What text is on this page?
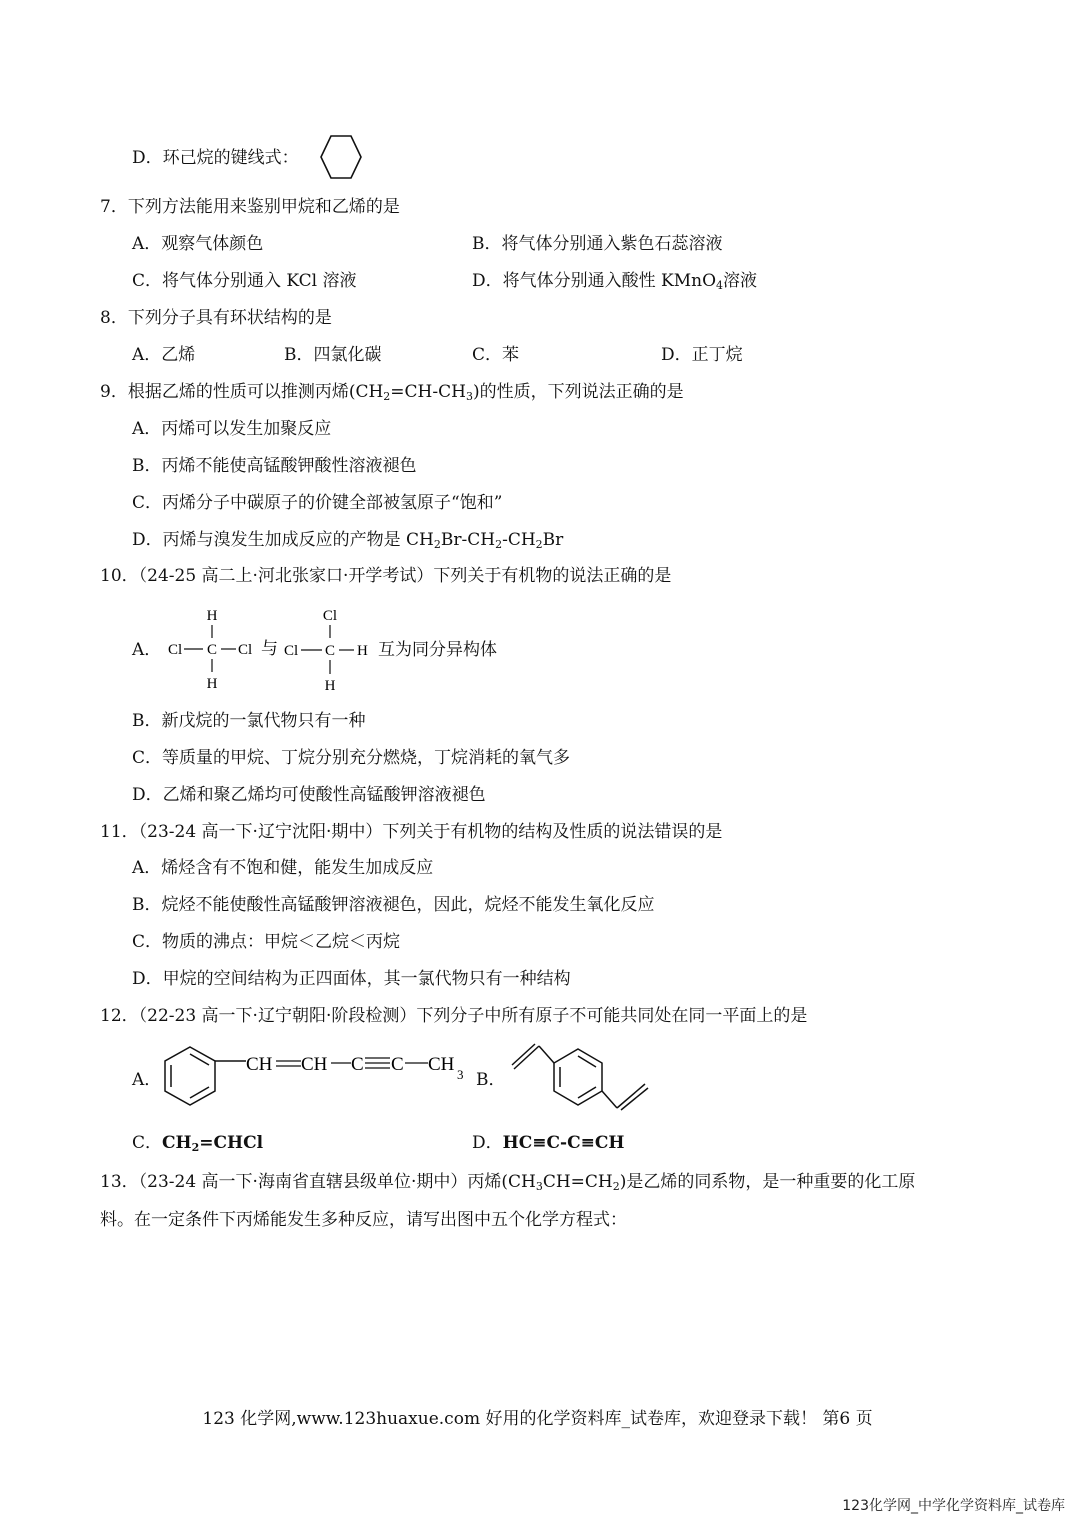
D．环己烷的键线式：
7．下列方法能用来鉴别甲烷和乙烯的是
A．观察气体颜色	B．将气体分别通入紫色石蕊溶液
C．将气体分别通入 KCl 溶液	D．将气体分别通入酸性 KMnO$_4$溶液
8．下列分子具有环状结构的是
A．乙烯	B．四氯化碳	C．苯	D．正丁烷
9．根据乙烯的性质可以推测丙烯$(CH_2=CH-CH_3)$的性质，下列说法正确的是
A．丙烯可以发生加聚反应
B．丙烯不能使高锰酸钾酸性溶液褪色
C．丙烯分子中碳原子的价键全部被氢原子“饱和”
D．丙烯与溴发生加成反应的产物是 $CH_2Br-CH_2-CH_2Br$
10．（24-25 高二上·河北张家口·开学考试）下列关于有机物的说法正确的是
A．
H
Cl C Cl
H
与
Cl
Cl C H
H
互为同分异构体
B．新戊烷的一氯代物只有一种
C．等质量的甲烷、丁烷分别充分燃烧，丁烷消耗的氧气多
D．乙烯和聚乙烯均可使酸性高锰酸钾溶液褪色
11．（23-24 高一下·辽宁沈阳·期中）下列关于有机物的结构及性质的说法错误的是
A．烯烃含有不饱和健，能发生加成反应
B．烷烃不能使酸性高锰酸钾溶液褪色，因此，烷烃不能发生氧化反应
C．物质的沸点：甲烷＜乙烷＜丙烷
D．甲烷的空间结构为正四面体，其一氯代物只有一种结构
12．（22-23 高一下·辽宁朝阳·阶段检测）下列分子中所有原子不可能共同处在同一平面上的是
A．
CH CH C C CH 3 B．
C．$CH_2=CHCl$	D．HC≡C-C≡CH
13．（23-24 高一下·海南省直辖县级单位·期中）丙烯$(CH_3CH=CH_2)$是乙烯的同系物，是一种重要的化工原
料。在一定条件下丙烯能发生多种反应，请写出图中五个化学方程式：
123 化学网,www.123huaxue.com 好用的化学资料库_试卷库，欢迎登录下载！ 第6 页
123化学网_中学化学资料库_试卷库
